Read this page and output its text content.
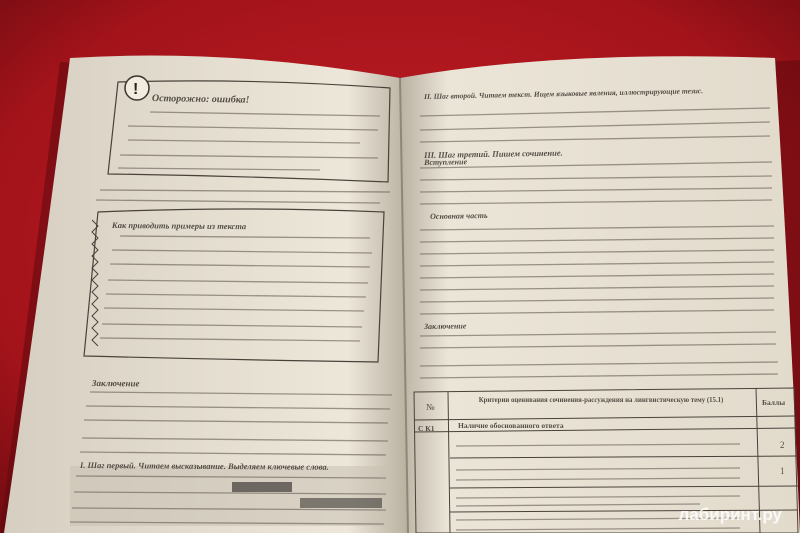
!
Осторожно: ошибка!
Как приводить примеры из текста
Заключение
I. Шаг первый. Читаем высказывание. Выделяем ключевые слова.
II. Шаг второй. Читаем текст. Ищем языковые явления, иллюстрирующие тезис.
III. Шаг третий. Пишем сочинение.
Вступление
Основная часть
Заключение
№
Критерии оценивания сочинения-рассуждения на лингвистическую тему (15.1)	Баллы
С К1	Наличие обоснованного ответа
2
1
лабиринт.ру
